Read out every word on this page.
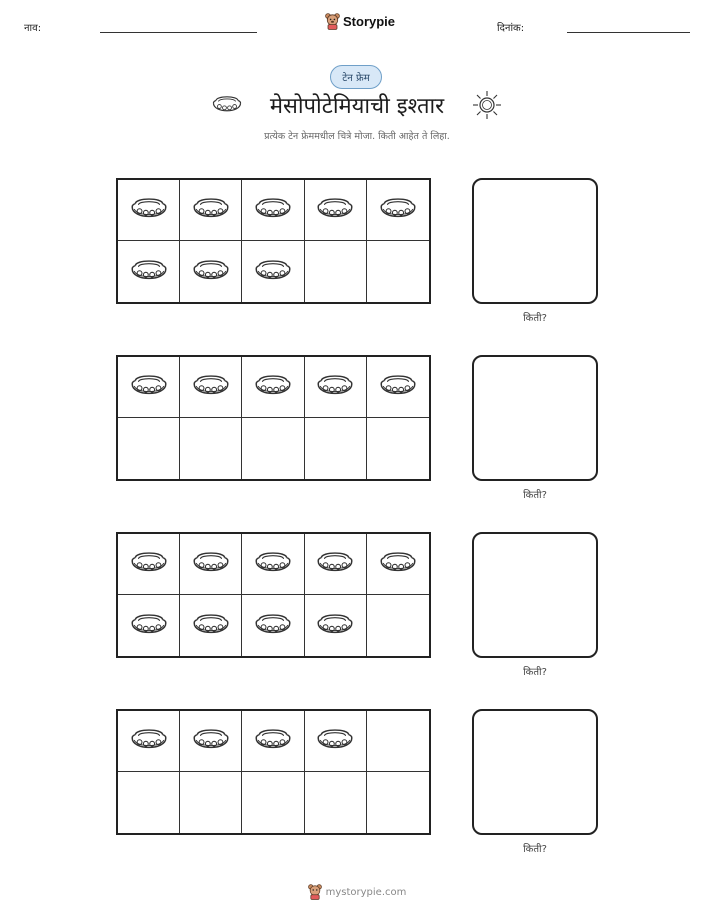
नाव:	Storypie	दिनांक:
टेन फ्रेम
मेसोपोटेमियाची इश्तार
प्रत्येक टेन फ्रेममधील चित्रे मोजा. किती आहेत ते लिहा.
किती?
किती?
किती?
किती?
mystorypie.com
